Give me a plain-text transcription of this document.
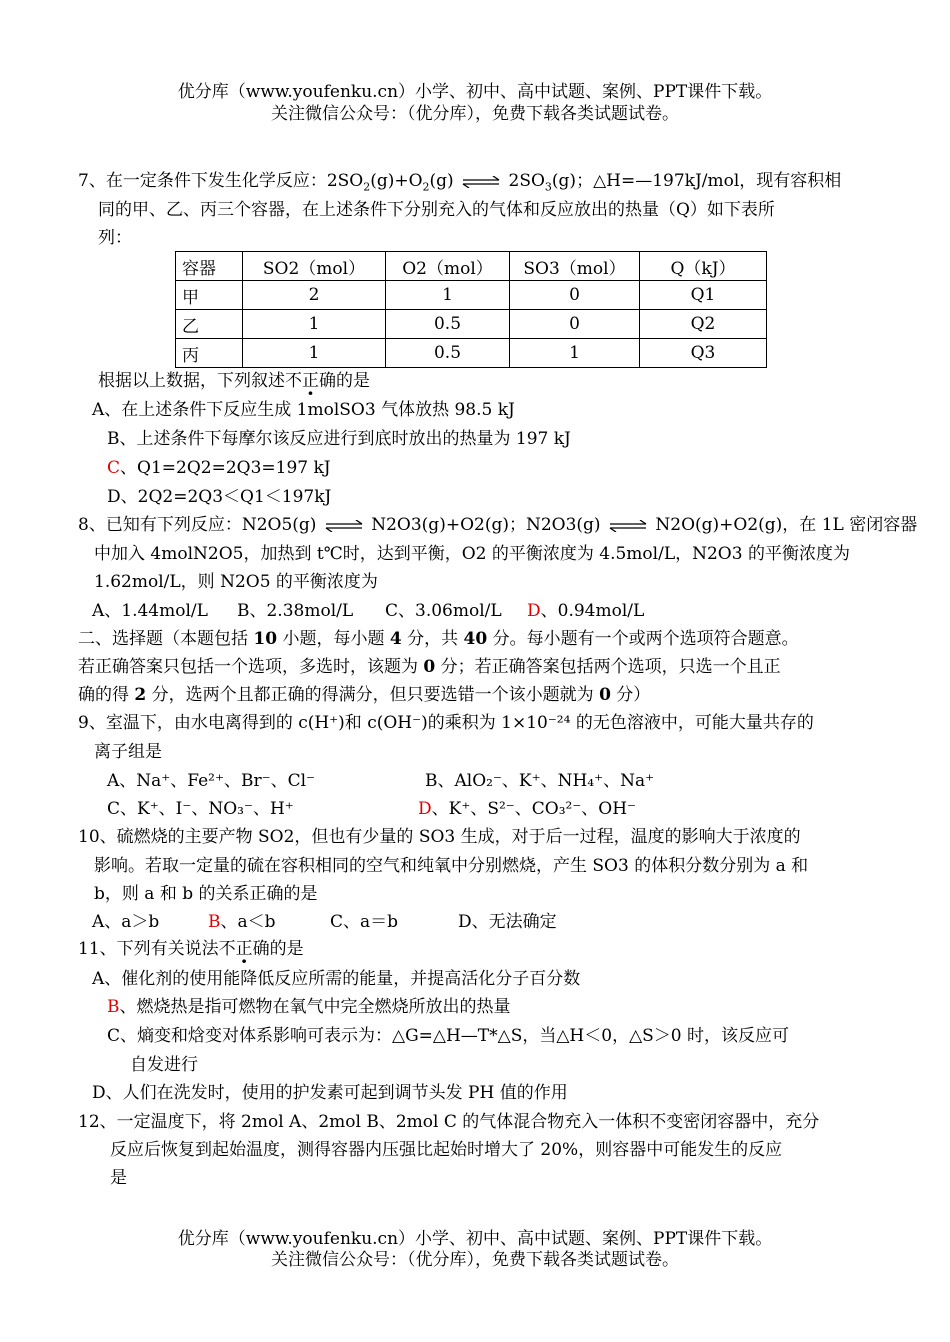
优分库（www.youfenku.cn）小学、初中、高中试题、案例、PPT课件下载。
关注微信公众号：（优分库），免费下载各类试题试卷。
7、在一定条件下发生化学反应：$2SO_2(g)+O_2(g)$ ⇌ $2SO_3(g)$；△H=—197kJ/mol，现有容积相
同的甲、乙、丙三个容器，在上述条件下分别充入的气体和反应放出的热量（Q）如下表所
列：
容器	SO2（mol）	O2（mol）	SO3（mol）	Q（kJ）
甲	2	1	0	Q1
乙	1	0.5	0	Q2
丙	1	0.5	1	Q3
根据以上数据，下列叙述不正确的是
A、在上述条件下反应生成 1molSO3 气体放热 98.5 kJ
B、上述条件下每摩尔该反应进行到底时放出的热量为 197 kJ
C、Q1=2Q2=2Q3=197 kJ
D、2Q2=2Q3＜Q1＜197kJ
8、已知有下列反应：N2O5(g) ⇌ N2O3(g)+O2(g)；N2O3(g) ⇌ N2O(g)+O2(g)，在 1L 密闭容器
中加入 4molN2O5，加热到 t℃时，达到平衡，O2 的平衡浓度为 4.5mol/L，N2O3 的平衡浓度为
1.62mol/L，则 N2O5 的平衡浓度为
A、1.44mol/L B、2.38mol/L C、3.06mol/L D、0.94mol/L
二、选择题（本题包括 10 小题，每小题 4 分，共 40 分。每小题有一个或两个选项符合题意。
若正确答案只包括一个选项，多选时，该题为 0 分；若正确答案包括两个选项，只选一个且正
确的得 2 分，选两个且都正确的得满分，但只要选错一个该小题就为 0 分）
9、室温下，由水电离得到的 c(H⁺)和 c(OH⁻)的乘积为 1×10⁻²⁴ 的无色溶液中，可能大量共存的
离子组是
A、Na⁺、Fe²⁺、Br⁻、Cl⁻	B、AlO₂⁻、K⁺、NH₄⁺、Na⁺
C、K⁺、I⁻、NO₃⁻、H⁺	D、K⁺、S²⁻、CO₃²⁻、OH⁻
10、硫燃烧的主要产物 SO2，但也有少量的 SO3 生成，对于后一过程，温度的影响大于浓度的
影响。若取一定量的硫在容积相同的空气和纯氧中分别燃烧，产生 SO3 的体积分数分别为 a 和
b，则 a 和 b 的关系正确的是
A、a＞b	B、a＜b	C、a＝b	D、无法确定
11、下列有关说法不正确的是
A、催化剂的使用能降低反应所需的能量，并提高活化分子百分数
B、燃烧热是指可燃物在氧气中完全燃烧所放出的热量
C、熵变和焓变对体系影响可表示为：△G=△H—T*△S，当△H＜0，△S＞0 时，该反应可
自发进行
D、人们在洗发时，使用的护发素可起到调节头发 PH 值的作用
12、一定温度下，将 2mol A、2mol B、2mol C 的气体混合物充入一体积不变密闭容器中，充分
反应后恢复到起始温度，测得容器内压强比起始时增大了 20%，则容器中可能发生的反应
是
优分库（www.youfenku.cn）小学、初中、高中试题、案例、PPT课件下载。
关注微信公众号：（优分库），免费下载各类试题试卷。
